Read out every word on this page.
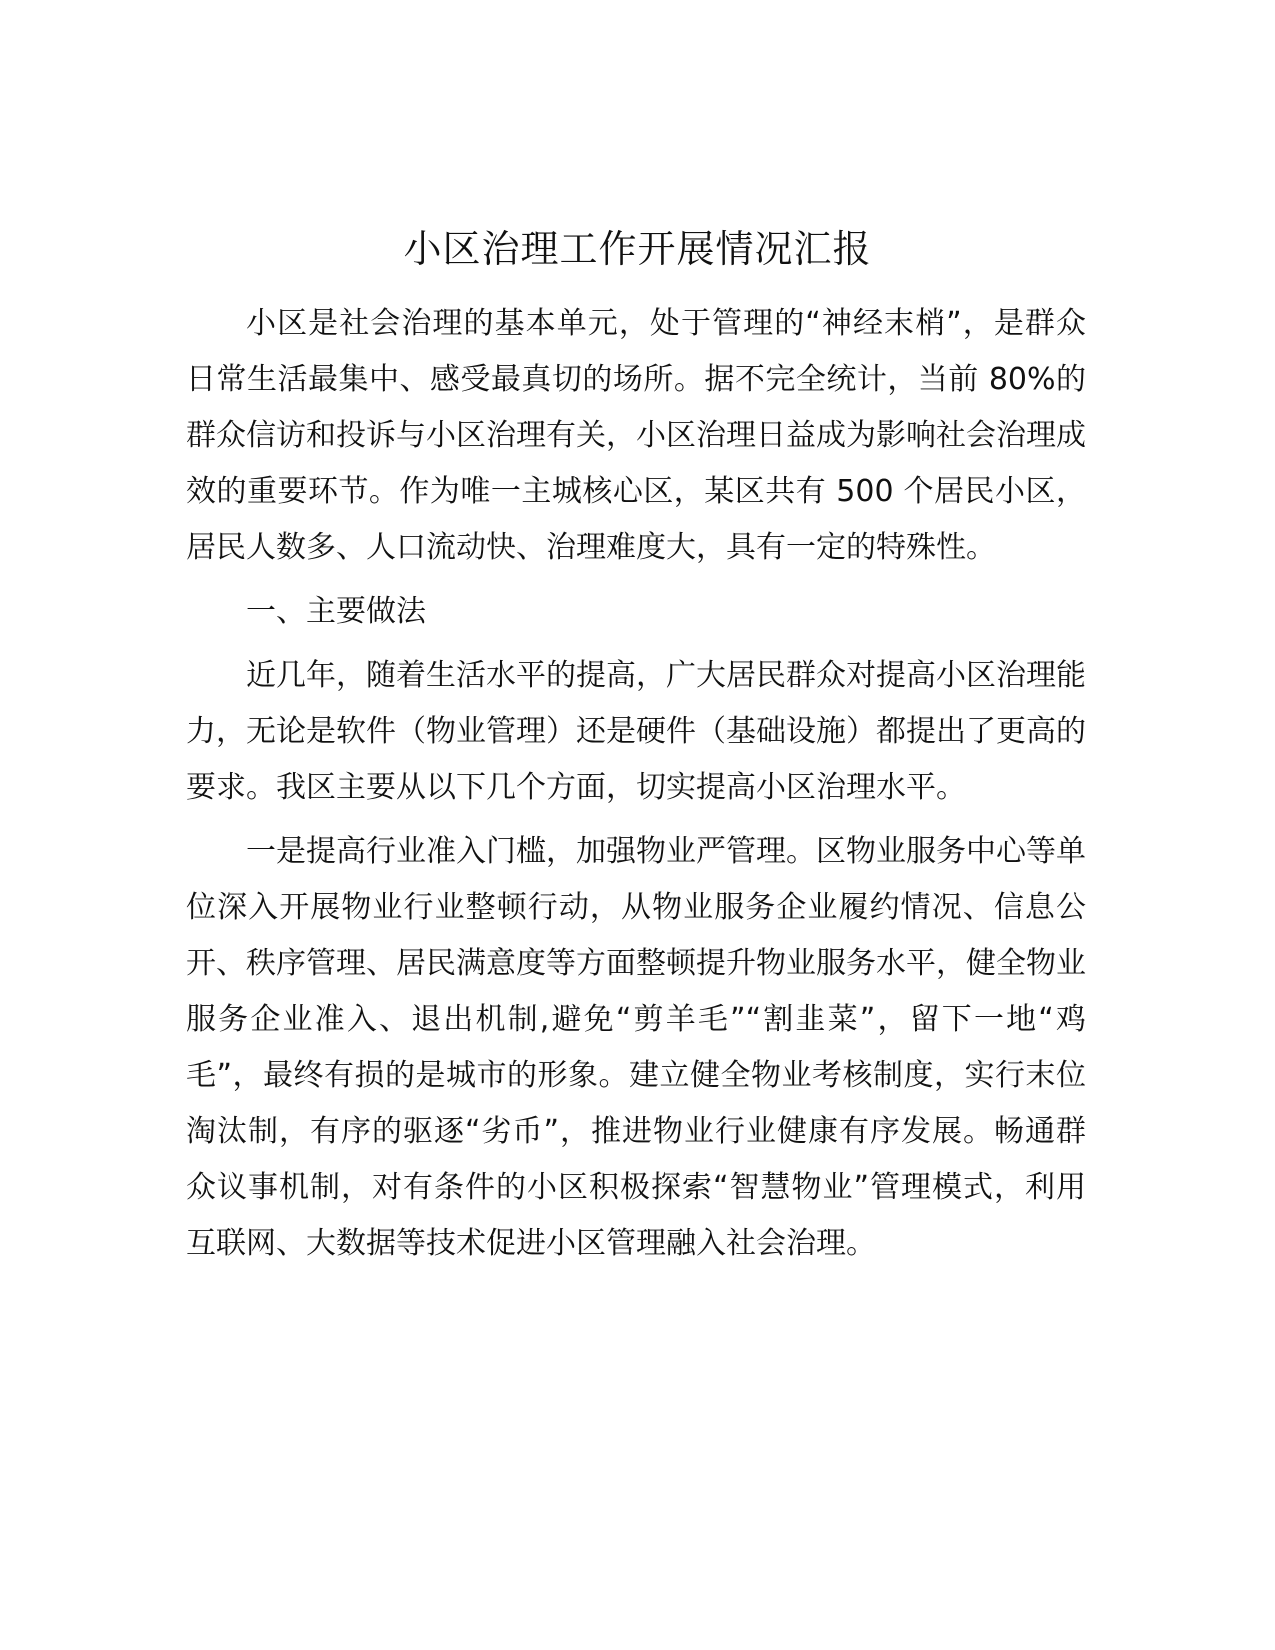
小区治理工作开展情况汇报

小区是社会治理的基本单元，处于管理的“神经末梢”，是群众日常生活最集中、感受最真切的场所。据不完全统计，当前 80%的群众信访和投诉与小区治理有关，小区治理日益成为影响社会治理成效的重要环节。作为唯一主城核心区，某区共有 500 个居民小区，居民人数多、人口流动快、治理难度大，具有一定的特殊性。

一、主要做法

近几年，随着生活水平的提高，广大居民群众对提高小区治理能力，无论是软件（物业管理）还是硬件（基础设施）都提出了更高的要求。我区主要从以下几个方面，切实提高小区治理水平。

一是提高行业准入门槛，加强物业严管理。区物业服务中心等单位深入开展物业行业整顿行动，从物业服务企业履约情况、信息公开、秩序管理、居民满意度等方面整顿提升物业服务水平，健全物业服务企业准入、退出机制,避免“剪羊毛”“割韭菜”，留下一地“鸡毛”，最终有损的是城市的形象。建立健全物业考核制度，实行末位淘汰制，有序的驱逐“劣币”，推进物业行业健康有序发展。畅通群众议事机制，对有条件的小区积极探索“智慧物业”管理模式，利用互联网、大数据等技术促进小区管理融入社会治理。
